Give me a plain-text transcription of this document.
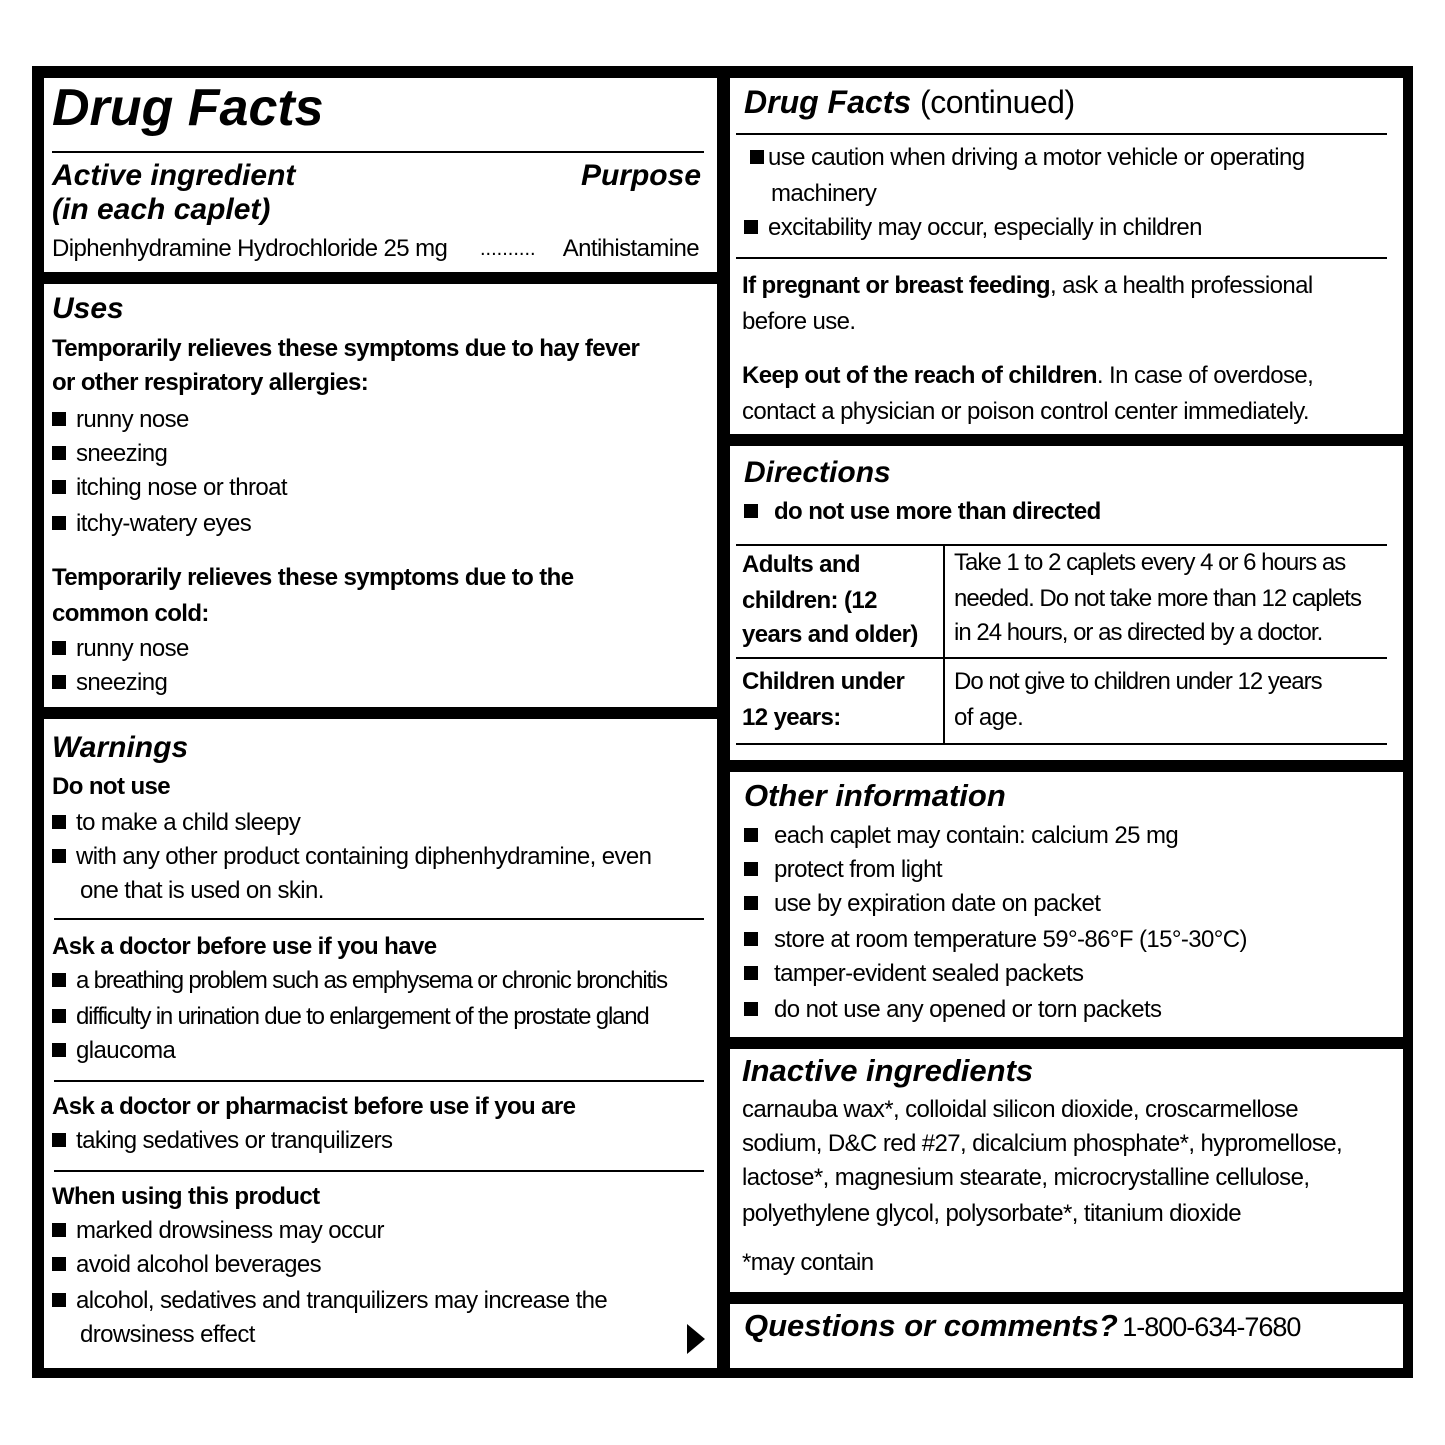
Drug Facts
Active ingredient
(in each caplet)
Purpose
Diphenhydramine Hydrochloride 25 mg .......... Antihistamine
Uses
Temporarily relieves these symptoms due to hay fever
or other respiratory allergies:
runny nose
sneezing
itching nose or throat
itchy-watery eyes
Temporarily relieves these symptoms due to the
common cold:
runny nose
sneezing
Warnings
Do not use
to make a child sleepy
with any other product containing diphenhydramine, even
one that is used on skin.
Ask a doctor before use if you have
a breathing problem such as emphysema or chronic bronchitis
difficulty in urination due to enlargement of the prostate gland
glaucoma
Ask a doctor or pharmacist before use if you are
taking sedatives or tranquilizers
When using this product
marked drowsiness may occur
avoid alcohol beverages
alcohol, sedatives and tranquilizers may increase the
drowsiness effect
Drug Facts (continued)
use caution when driving a motor vehicle or operating
machinery
excitability may occur, especially in children
If pregnant or breast feeding, ask a health professional
before use.
Keep out of the reach of children. In case of overdose,
contact a physician or poison control center immediately.
Directions
do not use more than directed
Adults and
children: (12
years and older)
Take 1 to 2 caplets every 4 or 6 hours as
needed. Do not take more than 12 caplets
in 24 hours, or as directed by a doctor.
Children under
12 years:
Do not give to children under 12 years
of age.
Other information
each caplet may contain: calcium 25 mg
protect from light
use by expiration date on packet
store at room temperature 59°-86°F (15°-30°C)
tamper-evident sealed packets
do not use any opened or torn packets
Inactive ingredients
carnauba wax*, colloidal silicon dioxide, croscarmellose
sodium, D&C red #27, dicalcium phosphate*, hypromellose,
lactose*, magnesium stearate, microcrystalline cellulose,
polyethylene glycol, polysorbate*, titanium dioxide
*may contain
Questions or comments? 1-800-634-7680
